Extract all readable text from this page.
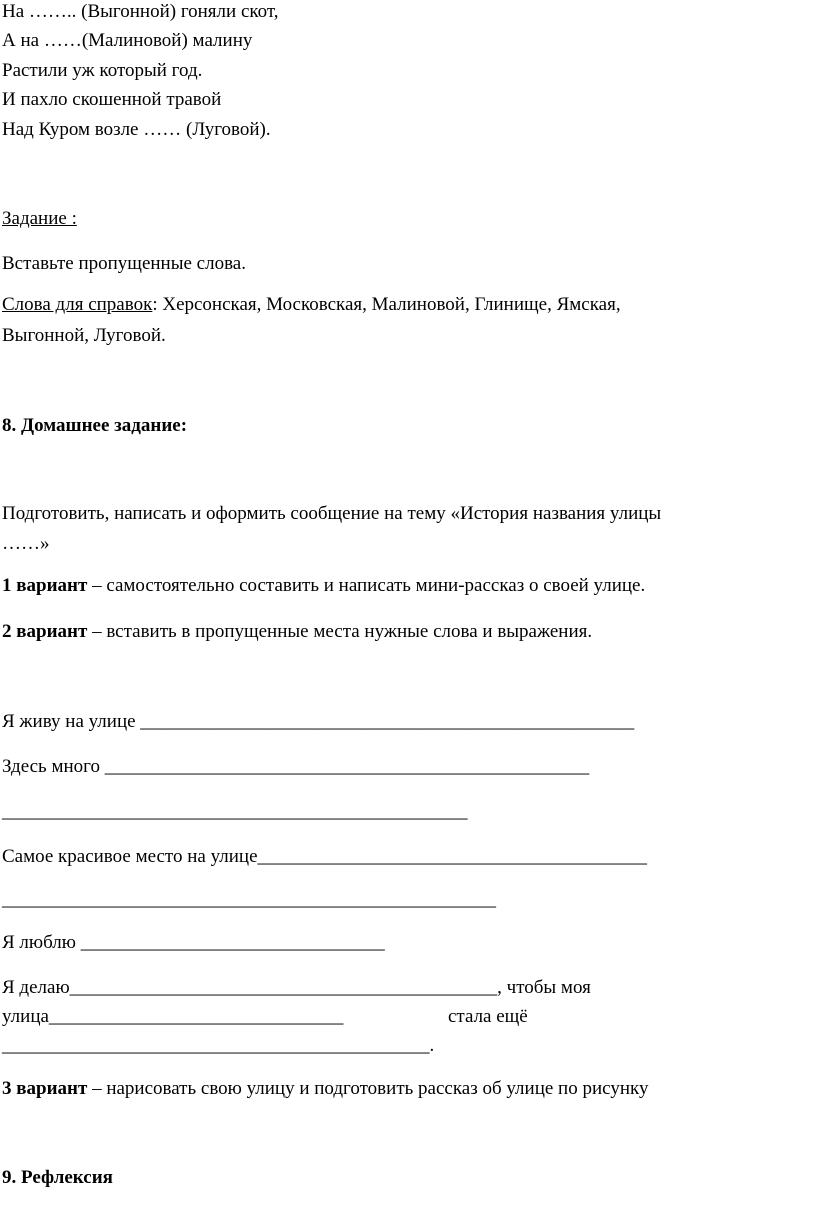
На …….. (Выгонной) гоняли скот,
А на ……(Малиновой) малину
Растили уж который год.
И пахло скошенной травой
Над Куром возле …… (Луговой).
Задание :
Вставьте пропущенные слова.
Слова для справок: Херсонская, Московская, Малиновой, Глинище, Ямская,
Выгонной, Луговой.
8. Домашнее задание:
Подготовить, написать и оформить сообщение на тему «История названия улицы
……»
1 вариант – самостоятельно составить и написать мини-рассказ о своей улице.
2 вариант – вставить в пропущенные места нужные слова и выражения.
Я живу на улице ____________________________________________________
Здесь много ___________________________________________________
_________________________________________________
Самое красивое место на улице_________________________________________
____________________________________________________
Я люблю ________________________________
Я делаю_____________________________________________, чтобы моя
улица_______________________________	стала ещё
_____________________________________________.
3 вариант – нарисовать свою улицу и подготовить рассказ об улице по рисунку
9. Рефлексия
